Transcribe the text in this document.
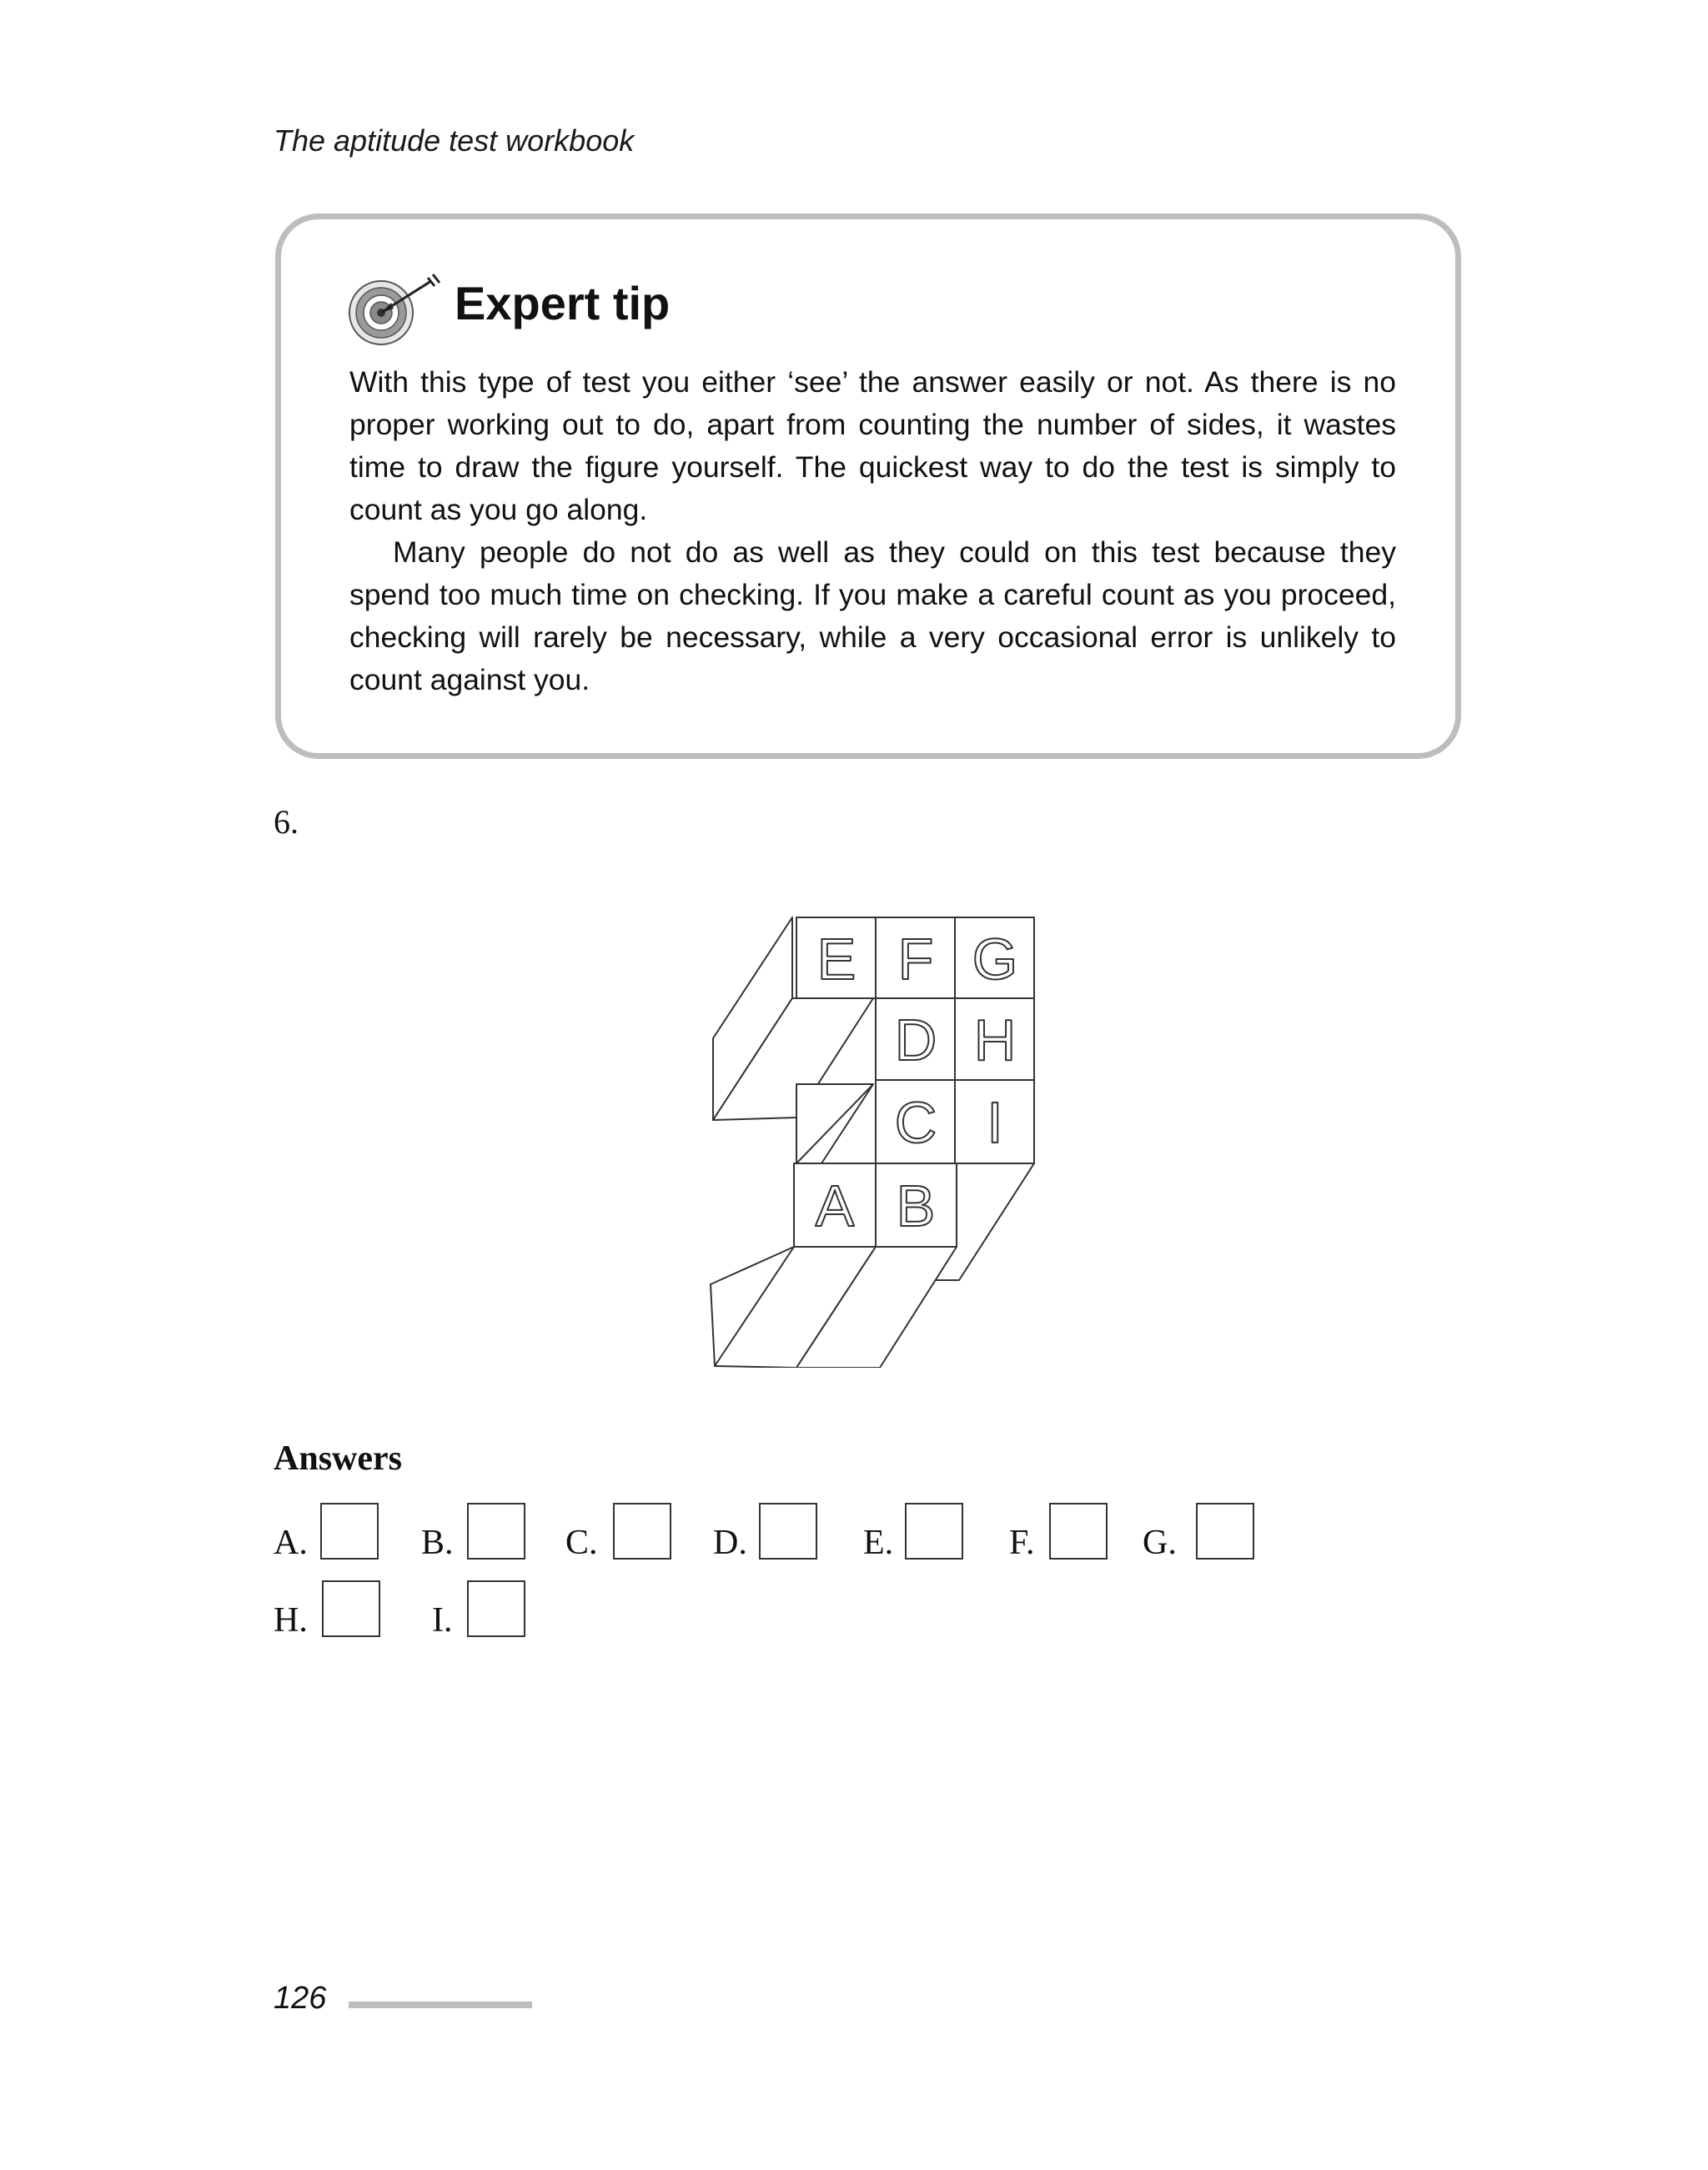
The aptitude test workbook
Expert tip

With this type of test you either ‘see’ the answer easily or not. As there is no proper working out to do, apart from counting the number of sides, it wastes time to draw the figure yourself. The quickest way to do the test is simply to count as you go along.

Many people do not do as well as they could on this test because they spend too much time on checking. If you make a careful count as you proceed, checking will rarely be necessary, while a very occasional error is unlikely to count against you.

6.
E F G
D H
C I
A B
Answers
A.	B.	C.	D.	E.	F.	G.
H.	I.
126
